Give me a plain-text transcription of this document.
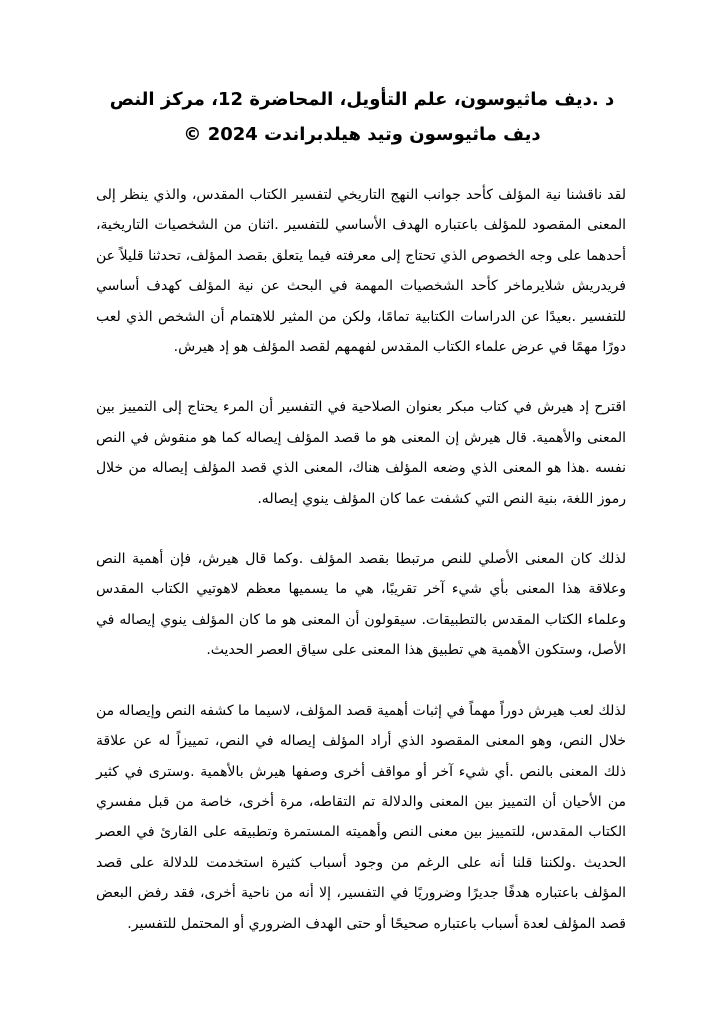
د .ديف ماثيوسون، علم التأويل، المحاضرة 12، مركز النص
ديف ماثيوسون وتيد هيلدبراندت 2024 ©

لقد ناقشنا نية المؤلف كأحد جوانب النهج التاريخي لتفسير الكتاب المقدس، والذي ينظر إلى المعنى المقصود للمؤلف باعتباره الهدف الأساسي للتفسير .اثنان من الشخصيات التاريخية، أحدهما على وجه الخصوص الذي تحتاج إلى معرفته فيما يتعلق بقصد المؤلف، تحدثنا قليلاً عن فريدريش شلايرماخر كأحد الشخصيات المهمة في البحث عن نية المؤلف كهدف أساسي للتفسير .بعيدًا عن الدراسات الكتابية تمامًا، ولكن من المثير للاهتمام أن الشخص الذي لعب دورًا مهمًا في عرض علماء الكتاب المقدس لفهمهم لقصد المؤلف هو إد هيرش.

اقترح إد هيرش في كتاب مبكر بعنوان الصلاحية في التفسير أن المرء يحتاج إلى التمييز بين المعنى والأهمية. قال هيرش إن المعنى هو ما قصد المؤلف إيصاله كما هو منقوش في النص نفسه .هذا هو المعنى الذي وضعه المؤلف هناك، المعنى الذي قصد المؤلف إيصاله من خلال رموز اللغة، بنية النص التي كشفت عما كان المؤلف ينوي إيصاله.

لذلك كان المعنى الأصلي للنص مرتبطا بقصد المؤلف .وكما قال هيرش، فإن أهمية النص وعلاقة هذا المعنى بأي شيء آخر تقريبًا، هي ما يسميها معظم لاهوتيي الكتاب المقدس وعلماء الكتاب المقدس بالتطبيقات. سيقولون أن المعنى هو ما كان المؤلف ينوي إيصاله في الأصل، وستكون الأهمية هي تطبيق هذا المعنى على سياق العصر الحديث.

لذلك لعب هيرش دوراً مهماً في إثبات أهمية قصد المؤلف، لاسيما ما كشفه النص وإيصاله من خلال النص، وهو المعنى المقصود الذي أراد المؤلف إيصاله في النص، تمييزاً له عن علاقة ذلك المعنى بالنص .أي شيء آخر أو مواقف أخرى وصفها هيرش بالأهمية .وسترى في كثير من الأحيان أن التمييز بين المعنى والدلالة تم التقاطه، مرة أخرى، خاصة من قبل مفسري الكتاب المقدس، للتمييز بين معنى النص وأهميته المستمرة وتطبيقه على القارئ في العصر الحديث .ولكننا قلنا أنه على الرغم من وجود أسباب كثيرة استخدمت للدلالة على قصد المؤلف باعتباره هدفًا جديرًا وضروريًا في التفسير، إلا أنه من ناحية أخرى، فقد رفض البعض قصد المؤلف لعدة أسباب باعتباره صحيحًا أو حتى الهدف الضروري أو المحتمل للتفسير.
